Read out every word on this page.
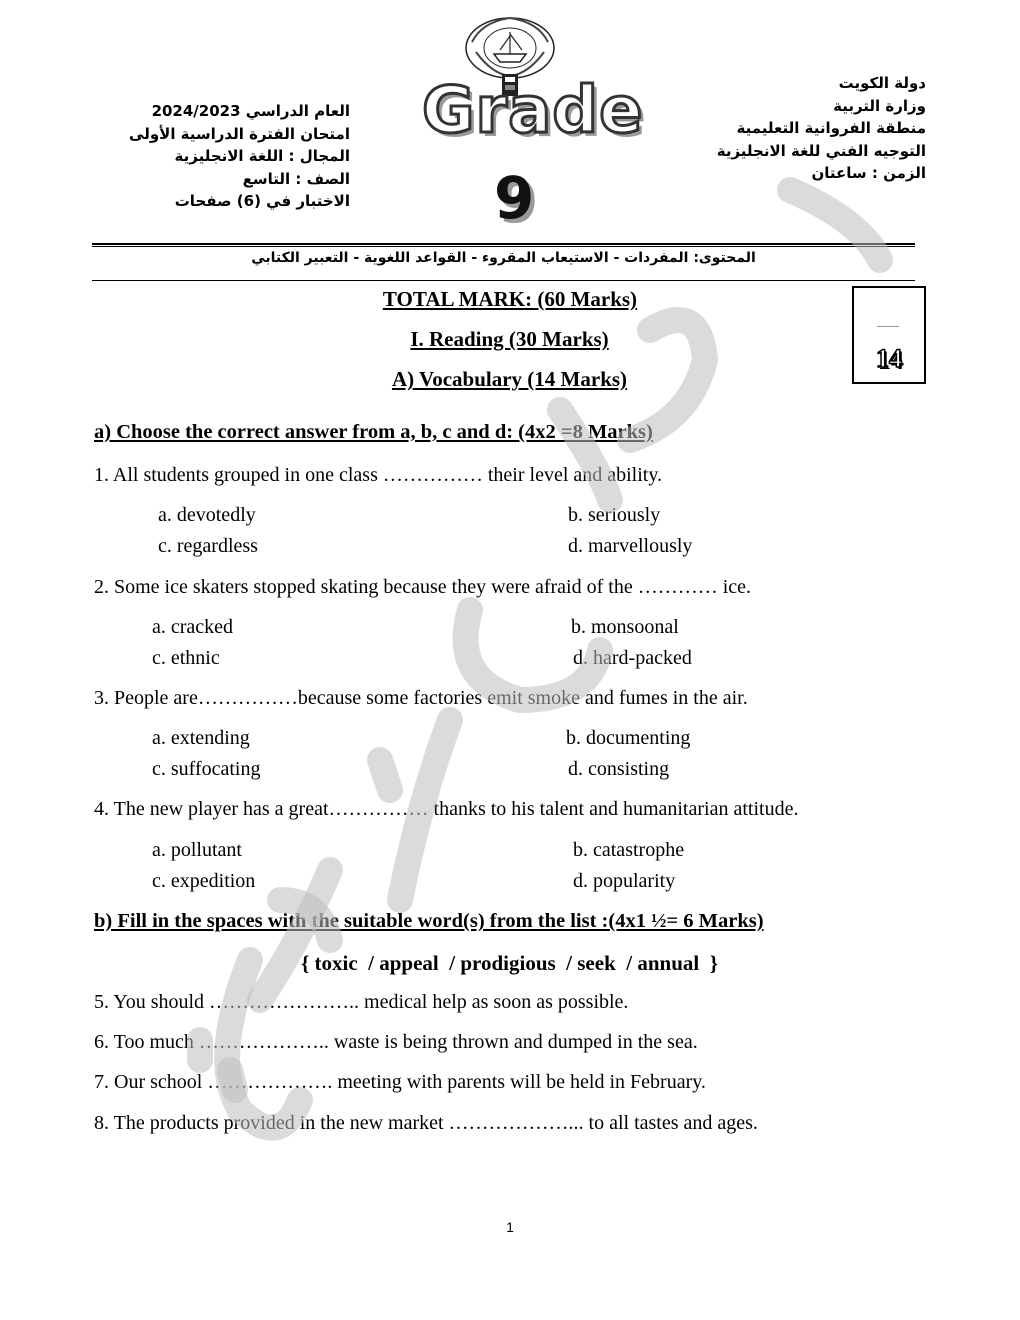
دولة الكويت
وزارة التربية
منطقة الفروانية التعليمية
التوجيه الفني للغة الانجليزية
الزمن : ساعتان
العام الدراسي 2024/2023
امتحان الفترة الدراسية الأولى
المجال : اللغة الانجليزية
الصف : التاسع
الاختبار في (6) صفحات
Grade
9
المحتوى: المفردات - الاستيعاب المقروء - القواعد اللغوية - التعبير الكتابي
TOTAL MARK: (60 Marks)
I. Reading (30 Marks)
A) Vocabulary (14 Marks)
14
a) Choose the correct answer from a, b, c and d: (4x2 =8 Marks)
1. All students grouped in one class …………… their level and ability.
a. devotedly	b. seriously
c. regardless	d. marvellously
2. Some ice skaters stopped skating because they were afraid of the ………… ice.
a. cracked	b. monsoonal
c. ethnic	d. hard-packed
3. People are……………because some factories emit smoke and fumes in the air.
a. extending	b. documenting
c. suffocating	d. consisting
4. The new player has a great…………… thanks to his talent and humanitarian attitude.
a. pollutant	b. catastrophe
c. expedition	d. popularity
b) Fill in the spaces with the suitable word(s) from the list :(4x1 ½= 6 Marks)
{ toxic  / appeal  / prodigious  / seek  / annual  }
5. You should ………………….. medical help as soon as possible.
6. Too much ……………….. waste is being thrown and dumped in the sea.
7. Our school ………………. meeting with parents will be held in February.
8. The products provided in the new market ………………... to all tastes and ages.
1
